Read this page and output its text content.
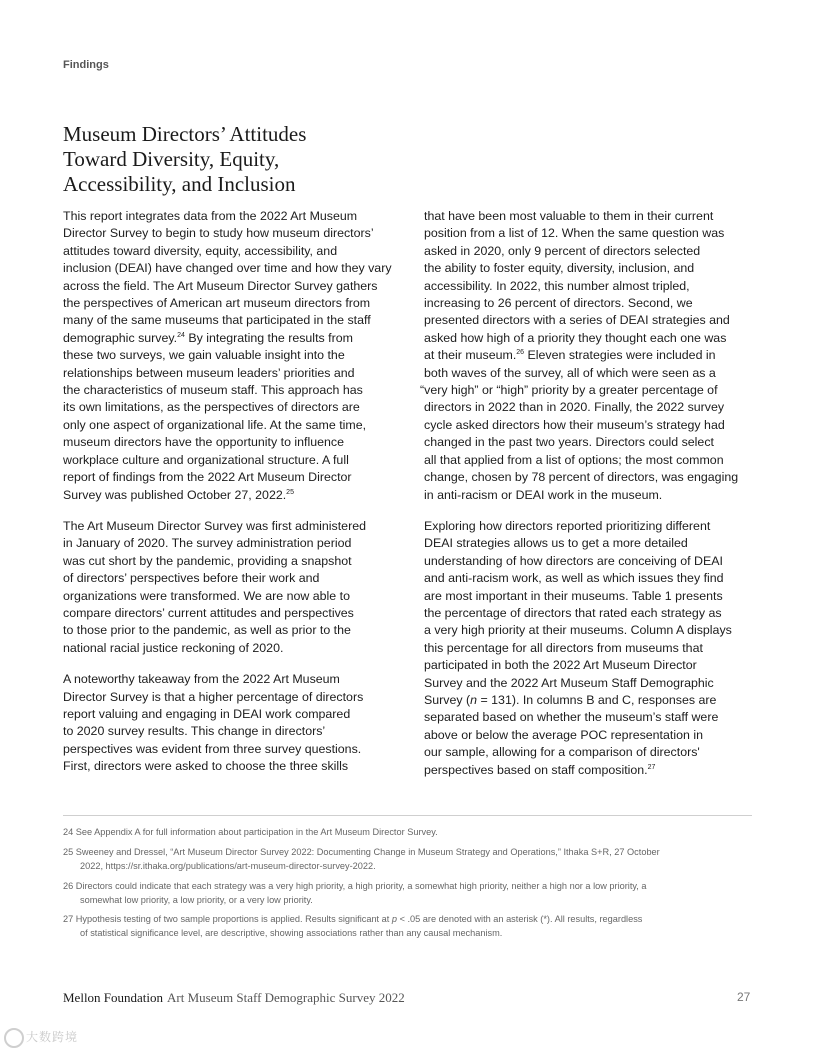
Findings
Museum Directors’ Attitudes
Toward Diversity, Equity,
Accessibility, and Inclusion
This report integrates data from the 2022 Art Museum
Director Survey to begin to study how museum directors’
attitudes toward diversity, equity, accessibility, and
inclusion (DEAI) have changed over time and how they vary
across the field. The Art Museum Director Survey gathers
the perspectives of American art museum directors from
many of the same museums that participated in the staff
demographic survey.$^{24}$ By integrating the results from
these two surveys, we gain valuable insight into the
relationships between museum leaders’ priorities and
the characteristics of museum staff. This approach has
its own limitations, as the perspectives of directors are
only one aspect of organizational life. At the same time,
museum directors have the opportunity to influence
workplace culture and organizational structure. A full
report of findings from the 2022 Art Museum Director
Survey was published October 27, 2022.25
The Art Museum Director Survey was first administered
in January of 2020. The survey administration period
was cut short by the pandemic, providing a snapshot
of directors’ perspectives before their work and
organizations were transformed. We are now able to
compare directors’ current attitudes and perspectives
to those prior to the pandemic, as well as prior to the
national racial justice reckoning of 2020.
A noteworthy takeaway from the 2022 Art Museum
Director Survey is that a higher percentage of directors
report valuing and engaging in DEAI work compared
to 2020 survey results. This change in directors’
perspectives was evident from three survey questions.
First, directors were asked to choose the three skills
that have been most valuable to them in their current
position from a list of 12. When the same question was
asked in 2020, only 9 percent of directors selected
the ability to foster equity, diversity, inclusion, and
accessibility. In 2022, this number almost tripled,
increasing to 26 percent of directors. Second, we
presented directors with a series of DEAI strategies and
asked how high of a priority they thought each one was
at their museum.$^{26}$ Eleven strategies were included in
both waves of the survey, all of which were seen as a
“very high” or “high” priority by a greater percentage of
directors in 2022 than in 2020. Finally, the 2022 survey
cycle asked directors how their museum’s strategy had
changed in the past two years. Directors could select
all that applied from a list of options; the most common
change, chosen by 78 percent of directors, was engaging
in anti-racism or DEAI work in the museum.
Exploring how directors reported prioritizing different
DEAI strategies allows us to get a more detailed
understanding of how directors are conceiving of DEAI
and anti-racism work, as well as which issues they find
are most important in their museums. Table 1 presents
the percentage of directors that rated each strategy as
a very high priority at their museums. Column A displays
this percentage for all directors from museums that
participated in both the 2022 Art Museum Director
Survey and the 2022 Art Museum Staff Demographic
Survey (n = 131). In columns B and C, responses are
separated based on whether the museum’s staff were
above or below the average POC representation in
our sample, allowing for a comparison of directors'
perspectives based on staff composition.$^{27}$
24 See Appendix A for full information about participation in the Art Museum Director Survey.
25 Sweeney and Dressel, “Art Museum Director Survey 2022: Documenting Change in Museum Strategy and Operations,” Ithaka S+R, 27 October
2022, https://sr.ithaka.org/publications/art-museum-director-survey-2022.
26 Directors could indicate that each strategy was a very high priority, a high priority, a somewhat high priority, neither a high nor a low priority, a
somewhat low priority, a low priority, or a very low priority.
27 Hypothesis testing of two sample proportions is applied. Results significant at p < .05 are denoted with an asterisk (*). All results, regardless
of statistical significance level, are descriptive, showing associations rather than any causal mechanism.
Mellon Foundation Art Museum Staff Demographic Survey 2022	27
大数跨境
